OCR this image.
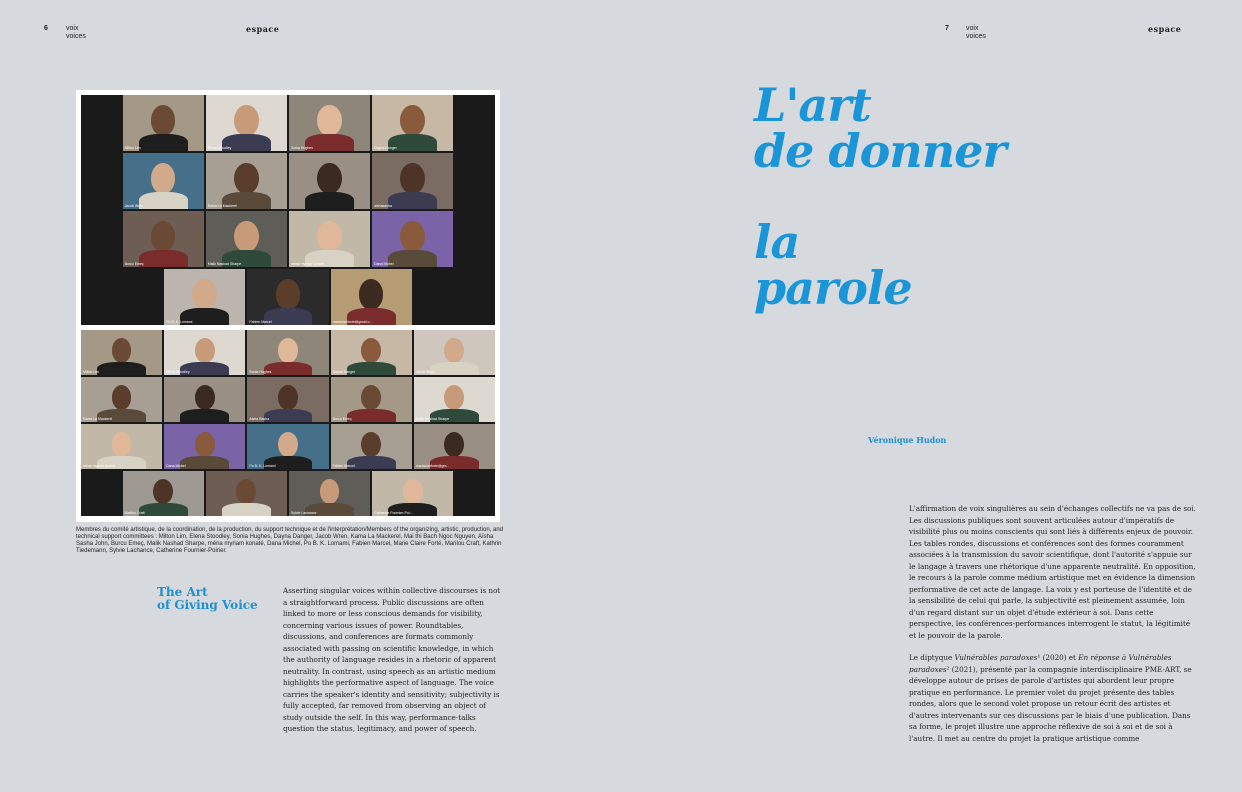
6	voix
voices
espace	7 voix
voices
espace
Milton Lim	Elena Stoodley	Sonia Hughes	Dayna Danger
Jacob Wren	Kama La Mackerel	aishasasha
Burcu Emeç	Malik Nashad Sharpe	ména myriam konaté	Dana Michel
Po B. K. Lomami	Fabien Marcel	mariaclairforte@gmail.c...
Milton Lim	Elena Stoodley	Sonia Hughes	Dayna Danger	Jacob Wren
Kama La Mackerel	Aisha Sasha	Burcu Emeç	Malik Nashad Sharpe
ména myriam konaté	Dana Michel	Po B. K. Lomami	Fabien Marcel	mariaclairforte@gm...
Marilou Craft	Sylvie Lachance	Catherine Fournier-Poi...
Membres du comité artistique, de la coordination, de la production, du support technique et de l'interprétation/Members of the organizing, artistic, production, and technical support committees : Milton Lim, Elena Stoodley, Sonia Hughes, Dayna Danger, Jacob Wren, Kama La Mackerel, Mai thi Bach Ngoc Nguyen, Aïsha Sasha John, Burcu Emeç, Malik Nashad Sharpe, ména myriam konaté, Dana Michel, Po B. K. Lomami, Fabien Marcel, Marie Claire Forté, Marilou Craft, Kathrin Tiedemann, Sylvie Lachance, Catherine Fournier-Poirier.
The Art
of Giving Voice
Asserting singular voices within collective discourses is not a straightforward process. Public discussions are often linked to more or less conscious demands for visibility, concerning various issues of power. Roundtables, discussions, and conferences are formats commonly associated with passing on scientific knowledge, in which the authority of language resides in a rhetoric of apparent neutrality. In contrast, using speech as an artistic medium highlights the performative aspect of language. The voice carries the speaker's identity and sensitivity; subjectivity is fully accepted, far removed from observing an object of study outside the self. In this way, performance-talks question the status, legitimacy, and power of speech.
L'art
de donner
la
parole
Véronique Hudon
L'affirmation de voix singulières au sein d'échanges collectifs ne va pas de soi. Les discussions publiques sont souvent articulées autour d'impératifs de visibilité plus ou moins conscients qui sont liés à différents enjeux de pouvoir. Les tables rondes, discussions et conférences sont des formes couramment associées à la transmission du savoir scientifique, dont l'autorité s'appuie sur le langage à travers une rhétorique d'une apparente neutralité. En opposition, le recours à la parole comme médium artistique met en évidence la dimension performative de cet acte de langage. La voix y est porteuse de l'identité et de la sensibilité de celui qui parle, la subjectivité est pleinement assumée, loin d'un regard distant sur un objet d'étude extérieur à soi. Dans cette perspective, les conférences-performances interrogent le statut, la légitimité et le pouvoir de la parole.
Le diptyque Vulnérables paradoxes¹ (2020) et En réponse à Vulnérables paradoxes² (2021), présenté par la compagnie interdisciplinaire PME-ART, se développe autour de prises de parole d'artistes qui abordent leur propre pratique en performance. Le premier volet du projet présente des tables rondes, alors que le second volet propose un retour écrit des artistes et d'autres intervenants sur ces discussions par le biais d'une publication. Dans sa forme, le projet illustre une approche réflexive de soi à soi et de soi à l'autre. Il met au centre du projet la pratique artistique comme
